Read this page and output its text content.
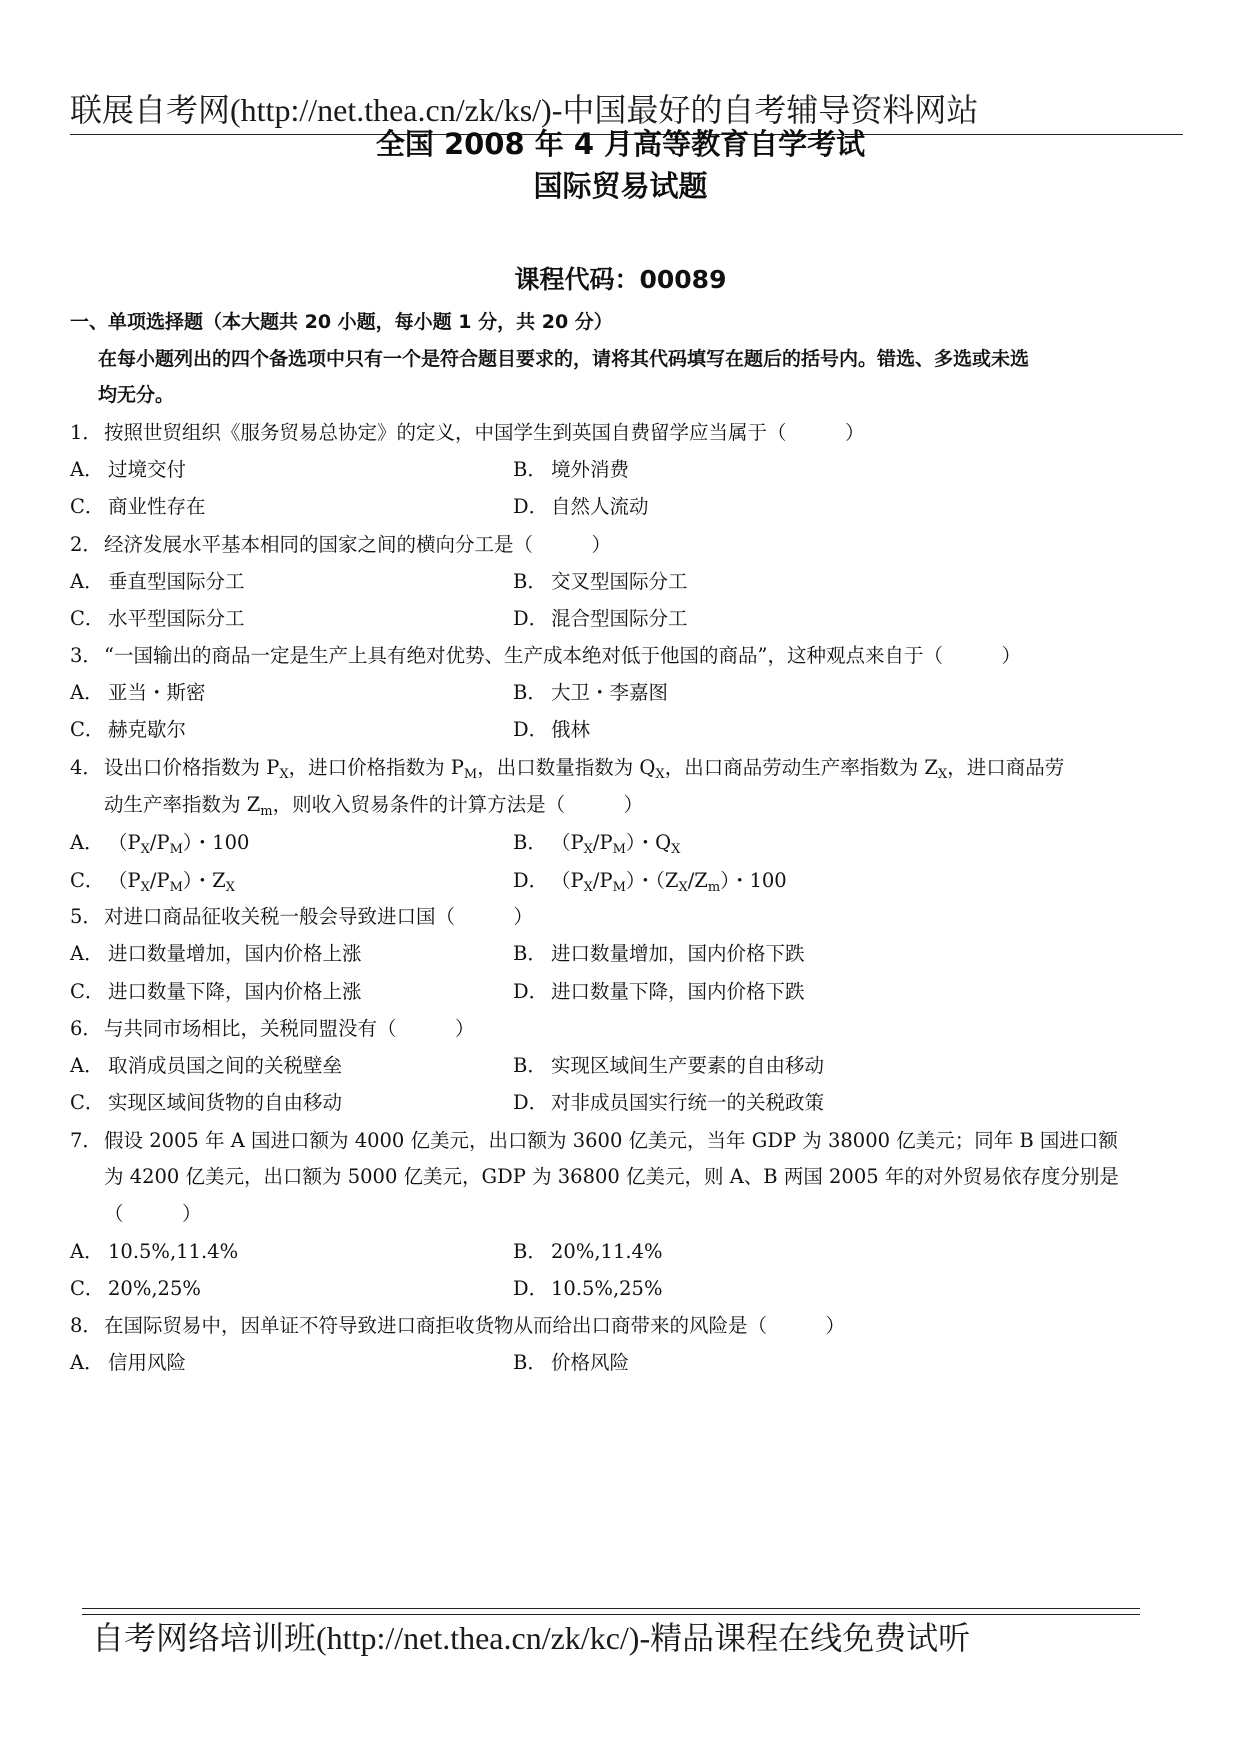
联展自考网(http://net.thea.cn/zk/ks/)-中国最好的自考辅导资料网站
全国 2008 年 4 月高等教育自学考试
国际贸易试题
课程代码：00089
一、单项选择题（本大题共 20 小题，每小题 1 分，共 20 分）
在每小题列出的四个备选项中只有一个是符合题目要求的，请将其代码填写在题后的括号内。错选、多选或未选
均无分。
1． 按照世贸组织《服务贸易总协定》的定义，中国学生到英国自费留学应当属于（　　　）
A． 过境交付	B． 境外消费
C． 商业性存在	D． 自然人流动
2． 经济发展水平基本相同的国家之间的横向分工是（　　　）
A． 垂直型国际分工	B． 交叉型国际分工
C． 水平型国际分工	D． 混合型国际分工
3． “一国输出的商品一定是生产上具有绝对优势、生产成本绝对低于他国的商品”，这种观点来自于（　　　）
A． 亚当・斯密	B． 大卫・李嘉图
C． 赫克歇尔	D． 俄林
4． 设出口价格指数为 $P_X$，进口价格指数为 $P_M$，出口数量指数为 $Q_X$，出口商品劳动生产率指数为 $Z_X$，进口商品劳
动生产率指数为 $Z_m$，则收入贸易条件的计算方法是（　　　）
A． $(P_X/P_M)$・100	B． $(P_X/P_M)$・$Q_X$
C． $(P_X/P_M)$・$Z_X$	D． $(P_X/P_M)$・$(Z_X/Z_m)$・100
5． 对进口商品征收关税一般会导致进口国（　　　）
A． 进口数量增加，国内价格上涨	B． 进口数量增加，国内价格下跌
C． 进口数量下降，国内价格上涨	D． 进口数量下降，国内价格下跌
6． 与共同市场相比，关税同盟没有（　　　）
A． 取消成员国之间的关税壁垒	B． 实现区域间生产要素的自由移动
C． 实现区域间货物的自由移动	D． 对非成员国实行统一的关税政策
7． 假设 2005 年 A 国进口额为 4000 亿美元，出口额为 3600 亿美元，当年 GDP 为 38000 亿美元；同年 B 国进口额
为 4200 亿美元，出口额为 5000 亿美元，GDP 为 36800 亿美元，则 A、B 两国 2005 年的对外贸易依存度分别是
（　　　）
A． 10.5%,11.4%	B． 20%,11.4%
C． 20%,25%	D． 10.5%,25%
8． 在国际贸易中，因单证不符导致进口商拒收货物从而给出口商带来的风险是（　　　）
A． 信用风险	B． 价格风险
自考网络培训班(http://net.thea.cn/zk/kc/)-精品课程在线免费试听
